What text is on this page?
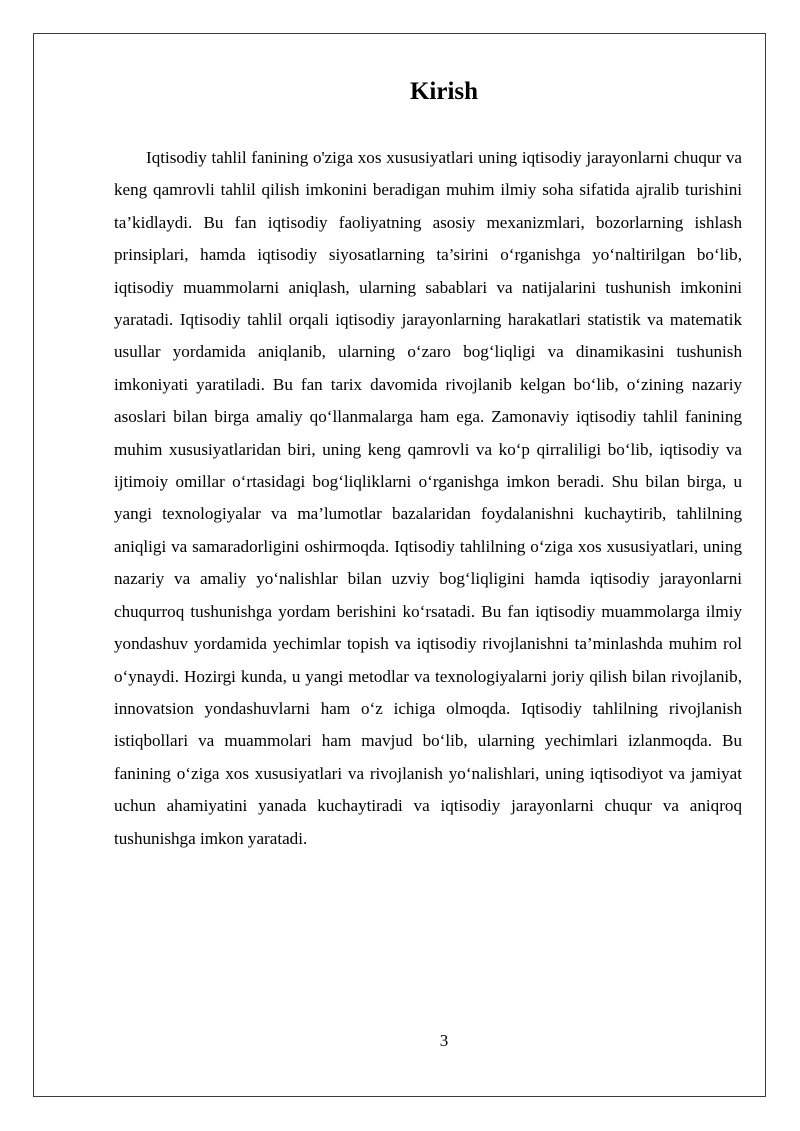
Kirish

Iqtisodiy tahlil fanining o'ziga xos xususiyatlari uning iqtisodiy jarayonlarni chuqur va keng qamrovli tahlil qilish imkonini beradigan muhim ilmiy soha sifatida ajralib turishini ta’kidlaydi. Bu fan iqtisodiy faoliyatning asosiy mexanizmlari, bozorlarning ishlash prinsiplari, hamda iqtisodiy siyosatlarning ta’sirini o‘rganishga yo‘naltirilgan bo‘lib, iqtisodiy muammolarni aniqlash, ularning sabablari va natijalarini tushunish imkonini yaratadi. Iqtisodiy tahlil orqali iqtisodiy jarayonlarning harakatlari statistik va matematik usullar yordamida aniqlanib, ularning o‘zaro bog‘liqligi va dinamikasini tushunish imkoniyati yaratiladi. Bu fan tarix davomida rivojlanib kelgan bo‘lib, o‘zining nazariy asoslari bilan birga amaliy qo‘llanmalarga ham ega. Zamonaviy iqtisodiy tahlil fanining muhim xususiyatlaridan biri, uning keng qamrovli va ko‘p qirraliligi bo‘lib, iqtisodiy va ijtimoiy omillar o‘rtasidagi bog‘liqliklarni o‘rganishga imkon beradi. Shu bilan birga, u yangi texnologiyalar va ma’lumotlar bazalaridan foydalanishni kuchaytirib, tahlilning aniqligi va samaradorligini oshirmoqda. Iqtisodiy tahlilning o‘ziga xos xususiyatlari, uning nazariy va amaliy yo‘nalishlar bilan uzviy bog‘liqligini hamda iqtisodiy jarayonlarni chuqurroq tushunishga yordam berishini ko‘rsatadi. Bu fan iqtisodiy muammolarga ilmiy yondashuv yordamida yechimlar topish va iqtisodiy rivojlanishni ta’minlashda muhim rol o‘ynaydi. Hozirgi kunda, u yangi metodlar va texnologiyalarni joriy qilish bilan rivojlanib, innovatsion yondashuvlarni ham o‘z ichiga olmoqda. Iqtisodiy tahlilning rivojlanish istiqbollari va muammolari ham mavjud bo‘lib, ularning yechimlari izlanmoqda. Bu fanining o‘ziga xos xususiyatlari va rivojlanish yo‘nalishlari, uning iqtisodiyot va jamiyat uchun ahamiyatini yanada kuchaytiradi va iqtisodiy jarayonlarni chuqur va aniqroq tushunishga imkon yaratadi.

3
